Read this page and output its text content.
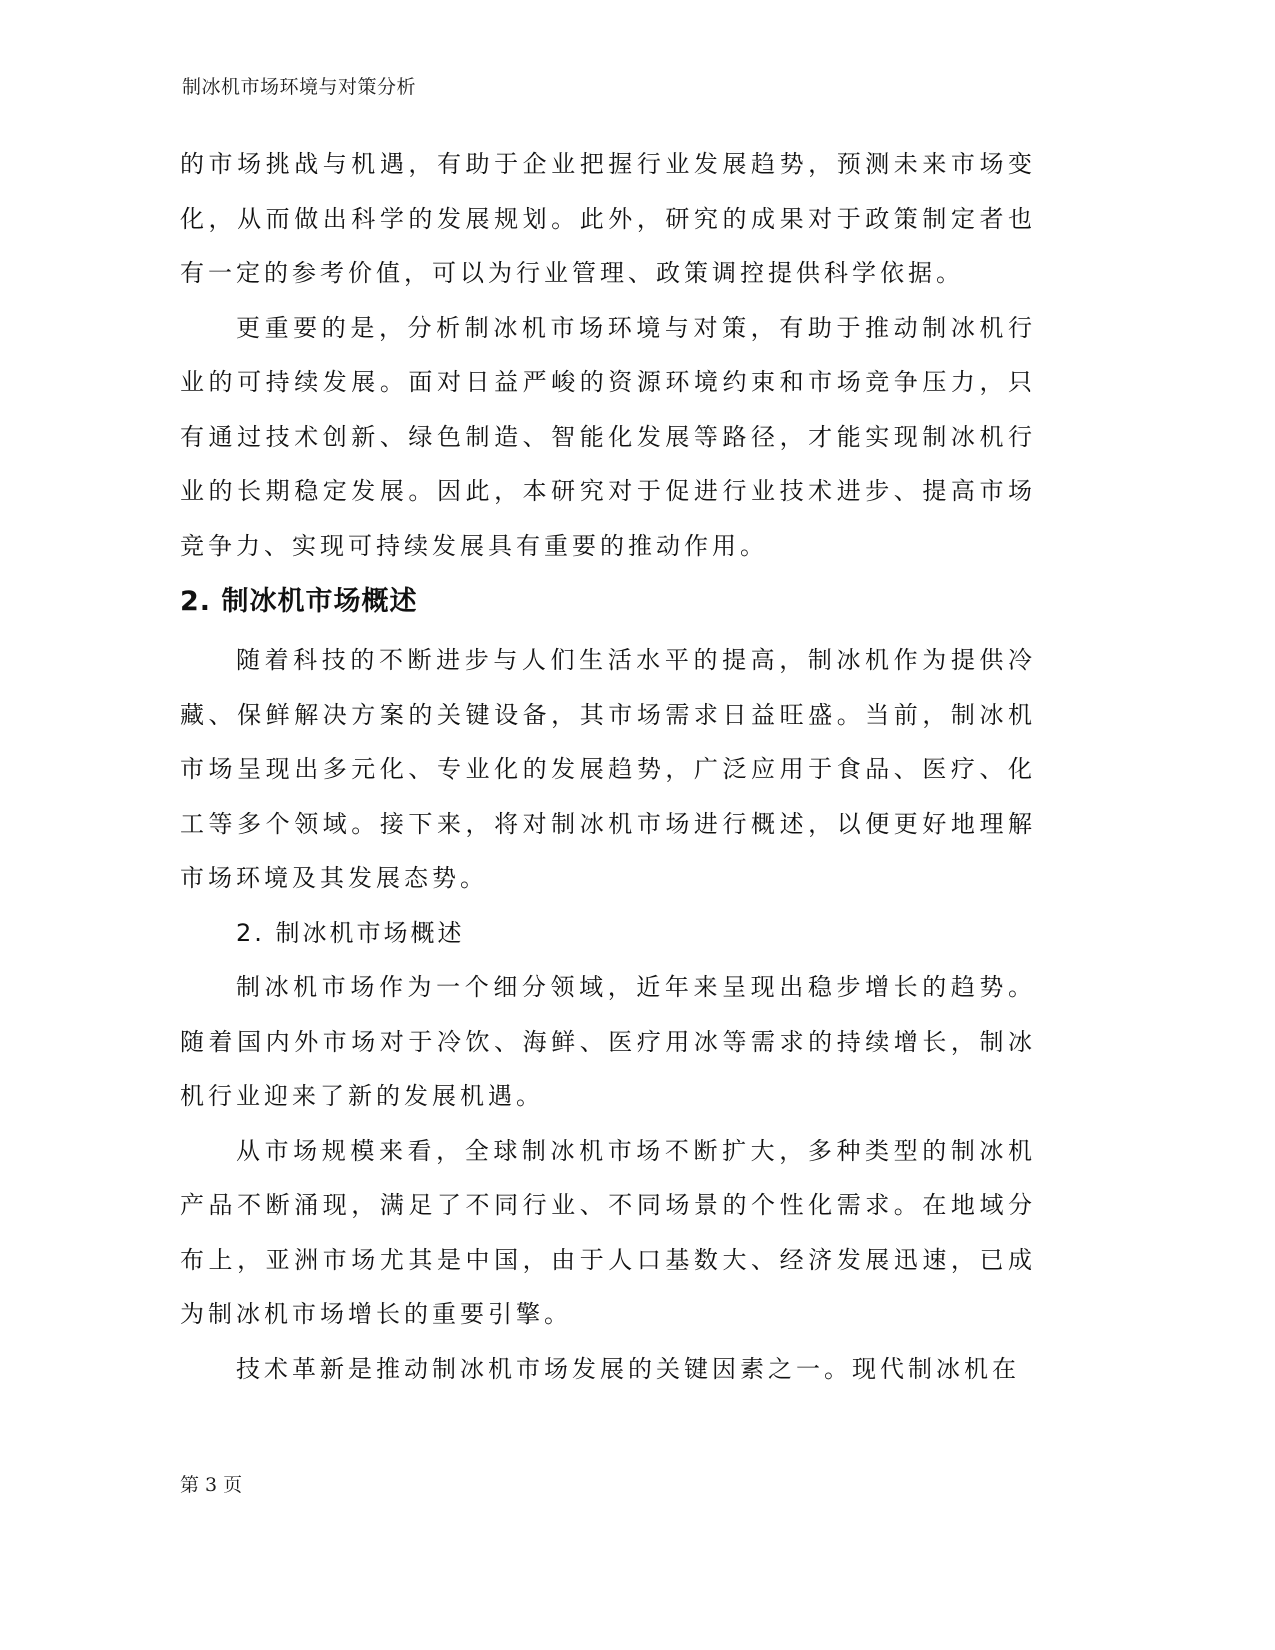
制冰机市场环境与对策分析

的市场挑战与机遇，有助于企业把握行业发展趋势，预测未来市场变化，从而做出科学的发展规划。此外，研究的成果对于政策制定者也有一定的参考价值，可以为行业管理、政策调控提供科学依据。

更重要的是，分析制冰机市场环境与对策，有助于推动制冰机行业的可持续发展。面对日益严峻的资源环境约束和市场竞争压力，只有通过技术创新、绿色制造、智能化发展等路径，才能实现制冰机行业的长期稳定发展。因此，本研究对于促进行业技术进步、提高市场竞争力、实现可持续发展具有重要的推动作用。

2. 制冰机市场概述

随着科技的不断进步与人们生活水平的提高，制冰机作为提供冷藏、保鲜解决方案的关键设备，其市场需求日益旺盛。当前，制冰机市场呈现出多元化、专业化的发展趋势，广泛应用于食品、医疗、化工等多个领域。接下来，将对制冰机市场进行概述，以便更好地理解市场环境及其发展态势。

2. 制冰机市场概述

制冰机市场作为一个细分领域，近年来呈现出稳步增长的趋势。随着国内外市场对于冷饮、海鲜、医疗用冰等需求的持续增长，制冰机行业迎来了新的发展机遇。

从市场规模来看，全球制冰机市场不断扩大，多种类型的制冰机产品不断涌现，满足了不同行业、不同场景的个性化需求。在地域分布上，亚洲市场尤其是中国，由于人口基数大、经济发展迅速，已成为制冰机市场增长的重要引擎。

技术革新是推动制冰机市场发展的关键因素之一。现代制冰机在

第 3 页
